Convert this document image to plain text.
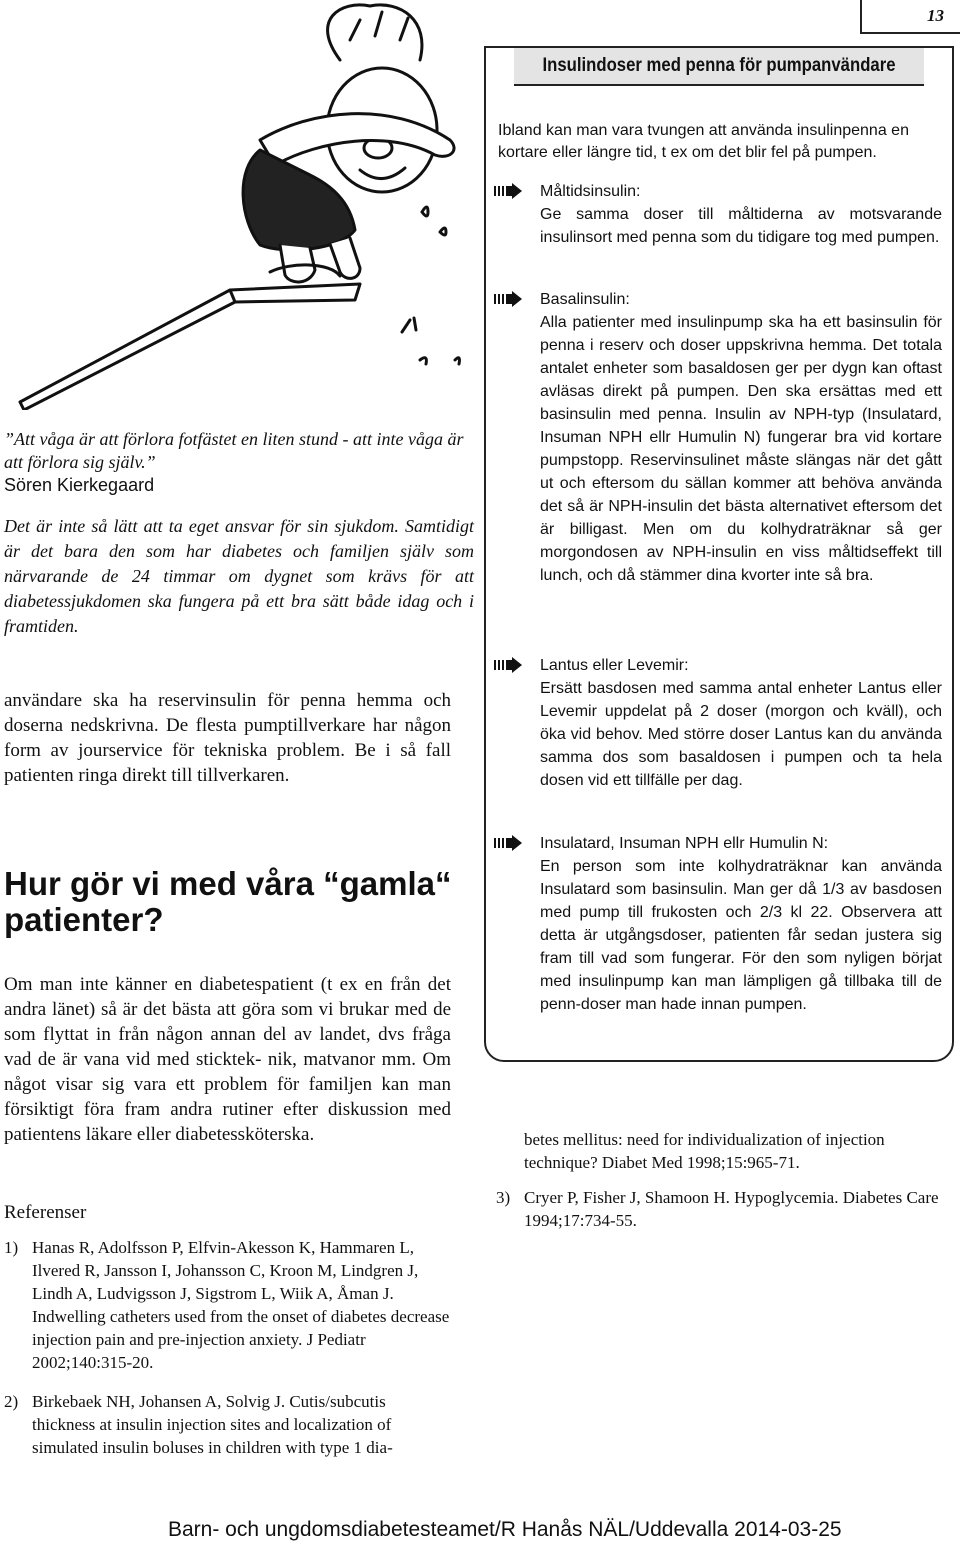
13
”Att våga är att förlora fotfästet en liten stund - att inte våga är att förlora sig själv.”
Sören Kierkegaard

Det är inte så lätt att ta eget ansvar för sin sjukdom. Samtidigt är det bara den som har diabetes och familjen själv som närvarande de 24 timmar om dygnet som krävs för att diabetessjukdomen ska fungera på ett bra sätt både idag och i framtiden.

användare ska ha reservinsulin för penna hemma och doserna nedskrivna. De flesta pumptillverkare har någon form av jourservice för tekniska problem. Be i så fall patienten ringa direkt till tillverkaren.

Hur gör vi med våra “gamla“ patienter?

Om man inte känner en diabetespatient (t ex en från det andra länet) så är det bästa att göra som vi brukar med de som flyttat in från någon annan del av landet, dvs fråga vad de är vana vid med sticktek- nik, matvanor mm. Om något visar sig vara ett problem för familjen kan man försiktigt föra fram andra rutiner efter diskussion med patientens läkare eller diabetessköterska.

Referenser

1) Hanas R, Adolfsson P, Elfvin-Akesson K, Hammaren L, Ilvered R, Jansson I, Johansson C, Kroon M, Lindgren J, Lindh A, Ludvigsson J, Sigstrom L, Wiik A, Åman J. Indwelling catheters used from the onset of diabetes decrease injection pain and pre-injection anxiety. J Pediatr 2002;140:315-20.
2) Birkebaek NH, Johansen A, Solvig J. Cutis/subcutis thickness at insulin injection sites and localization of simulated insulin boluses in children with type 1 dia-
betes mellitus: need for individualization of injection technique? Diabet Med 1998;15:965-71.
3) Cryer P, Fisher J, Shamoon H. Hypoglycemia. Diabetes Care 1994;17:734-55.
Insulindoser med penna för pumpanvändare

Ibland kan man vara tvungen att använda insulinpenna en kortare eller längre tid, t ex om det blir fel på pumpen.

Måltidsinsulin:
Ge samma doser till måltiderna av motsvarande insulinsort med penna som du tidigare tog med pumpen.
Basalinsulin:
Alla patienter med insulinpump ska ha ett basinsulin för penna i reserv och doser uppskrivna hemma. Det totala antalet enheter som basaldosen ger per dygn kan oftast avläsas direkt på pumpen. Den ska ersättas med ett basinsulin med penna. Insulin av NPH-typ (Insulatard, Insuman NPH ellr Humulin N) fungerar bra vid kortare pumpstopp. Reservinsulinet måste slängas när det gått ut och eftersom du sällan kommer att behöva använda det så är NPH-insulin det bästa alternativet eftersom det är billigast. Men om du kolhydraträknar så ger morgondosen av NPH-insulin en viss måltidseffekt till lunch, och då stämmer dina kvorter inte så bra.
Lantus eller Levemir:
Ersätt basdosen med samma antal enheter Lantus eller Levemir uppdelat på 2 doser (morgon och kväll), och öka vid behov. Med större doser Lantus kan du använda samma dos som basaldosen i pumpen och ta hela dosen vid ett tillfälle per dag.
Insulatard, Insuman NPH ellr Humulin N:
En person som inte kolhydraträknar kan använda Insulatard som basinsulin. Man ger då 1/3 av basdosen med pump till frukosten och 2/3 kl 22. Observera att detta är utgångsdoser, patienten får sedan justera sig fram till vad som fungerar. För den som nyligen börjat med insulinpump kan man lämpligen gå tillbaka till de penn-doser man hade innan pumpen.
Barn- och ungdomsdiabetesteamet/R Hanås NÄL/Uddevalla 2014-03-25
